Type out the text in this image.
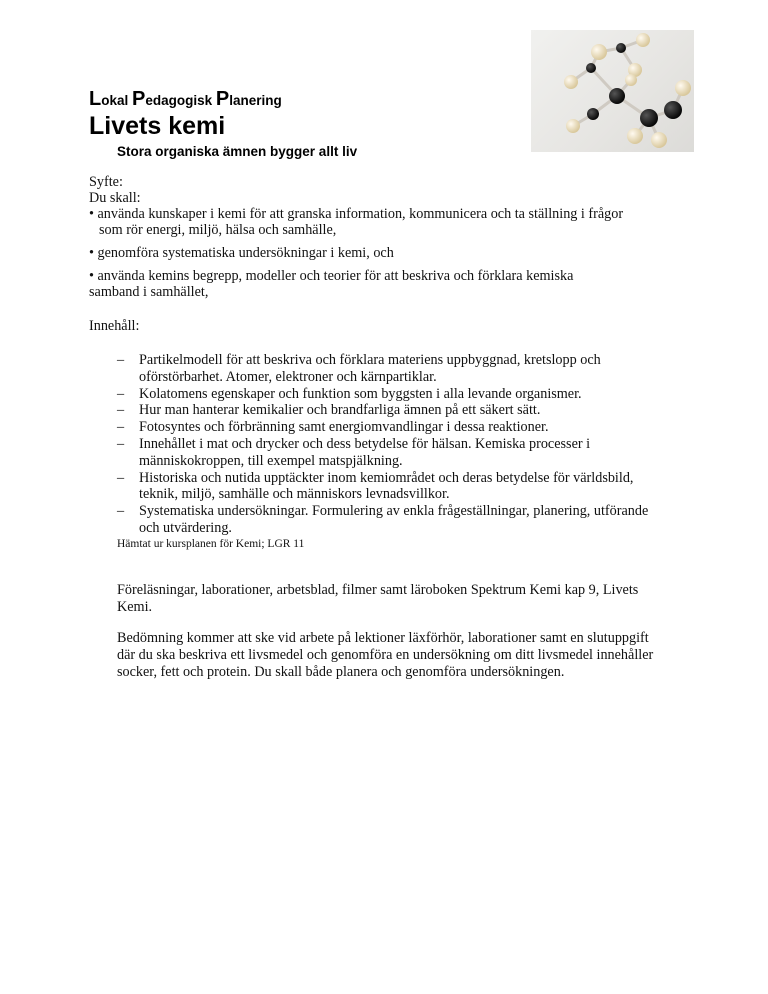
Lokal Pedagogisk Planering
Livets kemi
Stora organiska ämnen bygger allt liv
Syfte:
Du skall:
• använda kunskaper i kemi för att granska information, kommunicera och ta ställning i frågor
som rör energi, miljö, hälsa och samhälle,
• genomföra systematiska undersökningar i kemi, och
• använda kemins begrepp, modeller och teorier för att beskriva och förklara kemiska
samband i samhället,
Innehåll:
– Partikelmodell för att beskriva och förklara materiens uppbyggnad, kretslopp och oförstörbarhet. Atomer, elektroner och kärnpartiklar.
– Kolatomens egenskaper och funktion som byggsten i alla levande organismer.
– Hur man hanterar kemikalier och brandfarliga ämnen på ett säkert sätt.
– Fotosyntes och förbränning samt energiomvandlingar i dessa reaktioner.
– Innehållet i mat och drycker och dess betydelse för hälsan. Kemiska processer i människokroppen, till exempel matspjälkning.
– Historiska och nutida upptäckter inom kemiområdet och deras betydelse för världsbild, teknik, miljö, samhälle och människors levnadsvillkor.
– Systematiska undersökningar. Formulering av enkla frågeställningar, planering, utförande och utvärdering.
Hämtat ur kursplanen för Kemi; LGR 11

Föreläsningar, laborationer, arbetsblad, filmer samt läroboken Spektrum Kemi kap 9, Livets Kemi.

Bedömning kommer att ske vid arbete på lektioner läxförhör, laborationer samt en slutuppgift där du ska beskriva ett livsmedel och genomföra en undersökning om ditt livsmedel innehåller socker, fett och protein. Du skall både planera och genomföra undersökningen.
